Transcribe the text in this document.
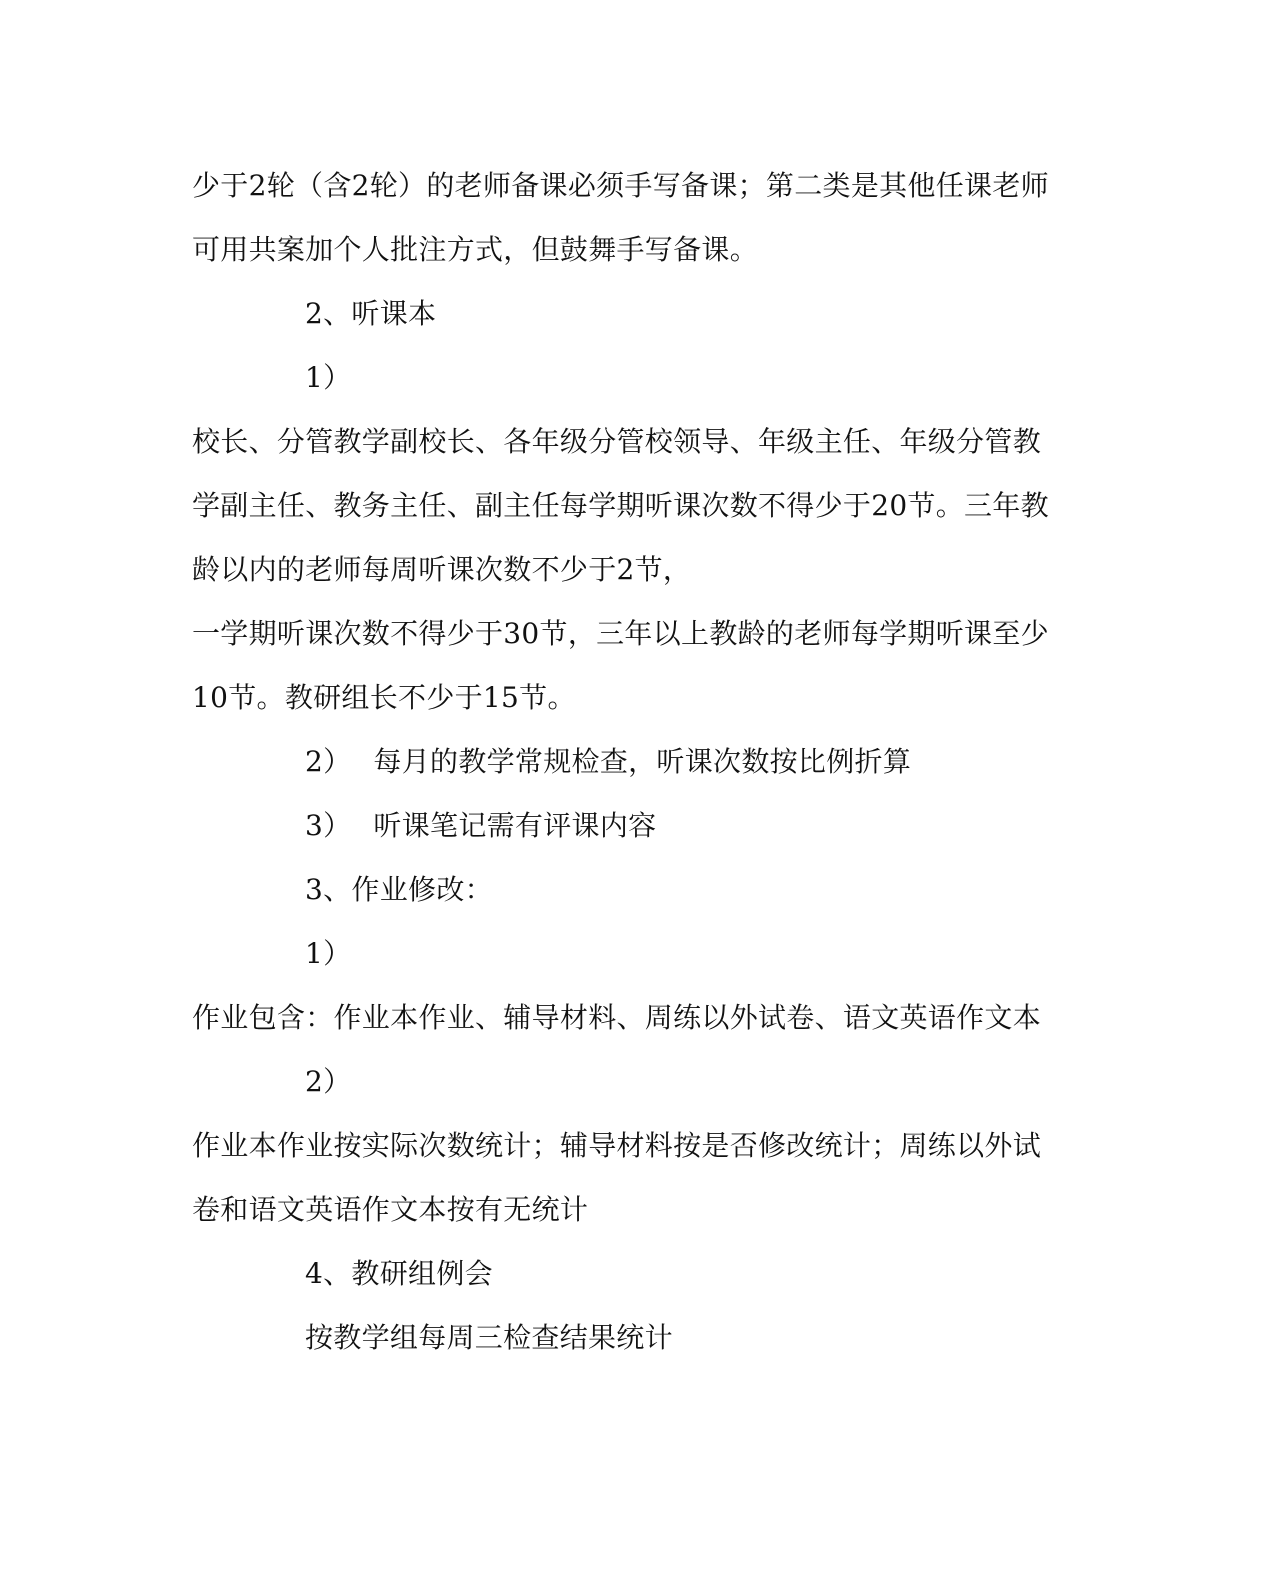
少于2轮（含2轮）的老师备课必须手写备课；第二类是其他任课老师
可用共案加个人批注方式，但鼓舞手写备课。
2、听课本
1）
校长、分管教学副校长、各年级分管校领导、年级主任、年级分管教
学副主任、教务主任、副主任每学期听课次数不得少于20节。三年教
龄以内的老师每周听课次数不少于2节，
一学期听课次数不得少于30节，三年以上教龄的老师每学期听课至少
10节。教研组长不少于15节。
2） 每月的教学常规检查，听课次数按比例折算
3） 听课笔记需有评课内容
3、作业修改：
1）
作业包含：作业本作业、辅导材料、周练以外试卷、语文英语作文本
2）
作业本作业按实际次数统计；辅导材料按是否修改统计；周练以外试
卷和语文英语作文本按有无统计
4、教研组例会
按教学组每周三检查结果统计
